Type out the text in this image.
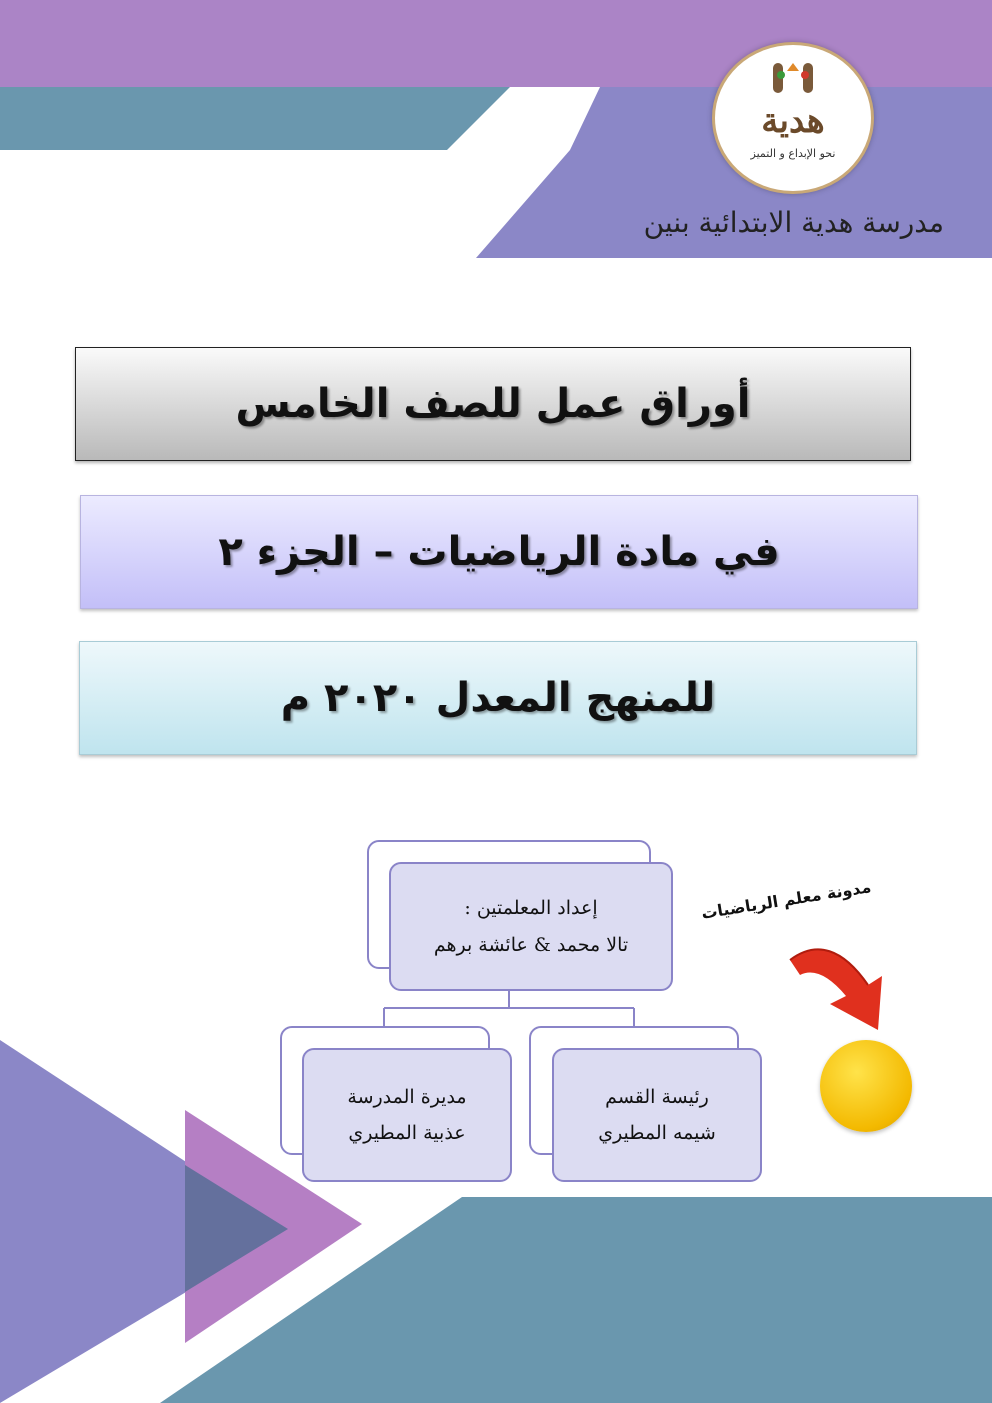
هدية
نحو الإبداع و التميز
مدرسة هدية الابتدائية بنين
أوراق عمل للصف الخامس
في مادة الرياضيات – الجزء ٢
للمنهج المعدل ٢٠٢٠ م
إعداد المعلمتين :
تالا محمد & عائشة برهم
مديرة المدرسة
عذبية المطيري
رئيسة القسم
شيمه المطيري
مدونة معلم الرياضيات
